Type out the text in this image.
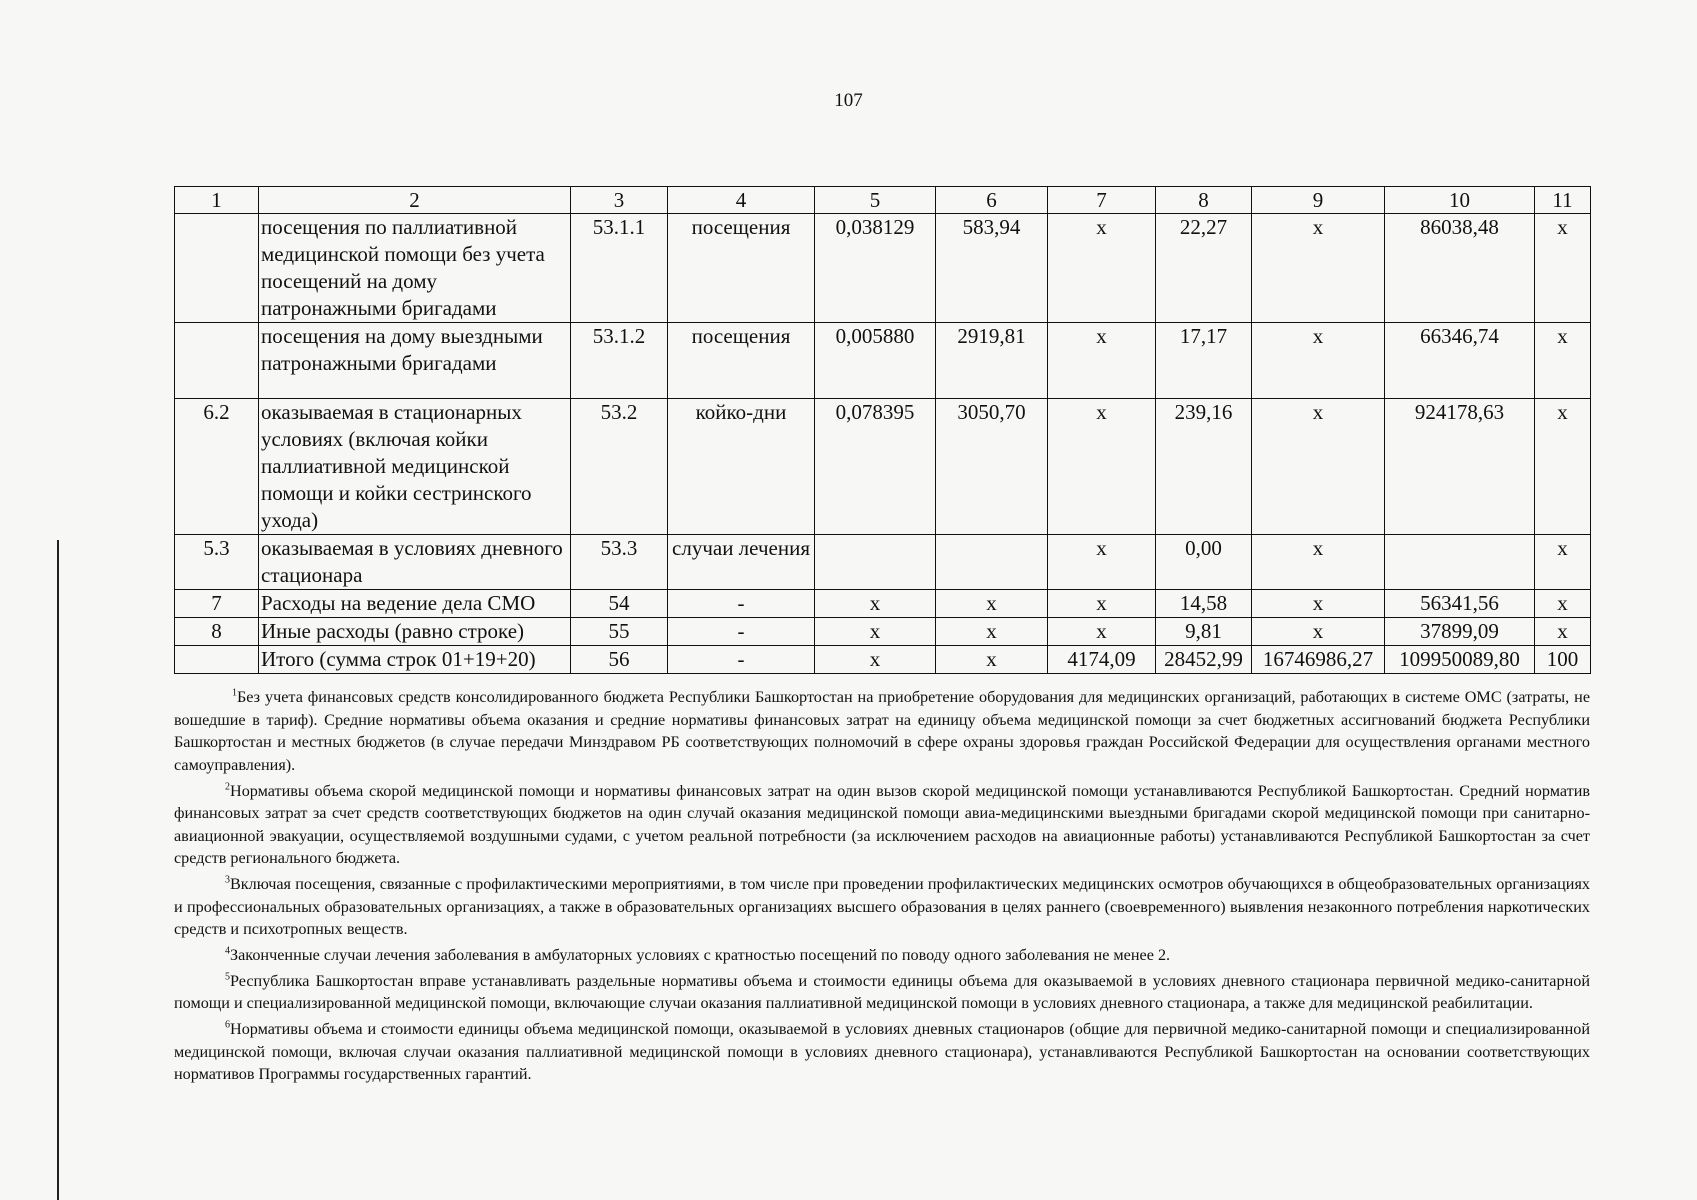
107
1	2	3	4	5	6	7	8	9	10	11
	посещения по паллиативной медицинской помощи без учета посещений на дому патронажными бригадами	53.1.1	посещения	0,038129	583,94	х	22,27	х	86038,48	х
	посещения на дому выездными патронажными бригадами	53.1.2	посещения	0,005880	2919,81	х	17,17	х	66346,74	х
6.2	оказываемая в стационарных условиях (включая койки паллиативной медицинской помощи и койки сестринского ухода)	53.2	койко-дни	0,078395	3050,70	х	239,16	х	924178,63	х
5.3	оказываемая в условиях дневного стационара	53.3	случаи лечения			х	0,00	х		х
7	Расходы на ведение дела СМО	54	-	х	х	х	14,58	х	56341,56	х
8	Иные расходы (равно строке)	55	-	х	х	х	9,81	х	37899,09	х
	Итого (сумма строк 01+19+20)	56	-	х	х	4174,09	28452,99	16746986,27	109950089,80	100

$^1$Без учета финансовых средств консолидированного бюджета Республики Башкортостан на приобретение оборудования для медицинских организаций, работающих в системе ОМС (затраты, не вошедшие в тариф). Средние нормативы объема оказания и средние нормативы финансовых затрат на единицу объема медицинской помощи за счет бюджетных ассигнований бюджета Республики Башкортостан и местных бюджетов (в случае передачи Минздравом РБ соответствующих полномочий в сфере охраны здоровья граждан Российской Федерации для осуществления органами местного самоуправления).

$^2$Нормативы объема скорой медицинской помощи и нормативы финансовых затрат на один вызов скорой медицинской помощи устанавливаются Республикой Башкортостан. Средний норматив финансовых затрат за счет средств соответствующих бюджетов на один случай оказания медицинской помощи авиа-медицинскими выездными бригадами скорой медицинской помощи при санитарно-авиационной эвакуации, осуществляемой воздушными судами, с учетом реальной потребности (за исключением расходов на авиационные работы) устанавливаются Республикой Башкортостан за счет средств регионального бюджета.

$^3$Включая посещения, связанные с профилактическими мероприятиями, в том числе при проведении профилактических медицинских осмотров обучающихся в общеобразовательных организациях и профессиональных образовательных организациях, а также в образовательных организациях высшего образования в целях раннего (своевременного) выявления незаконного потребления наркотических средств и психотропных веществ.

$^4$Законченные случаи лечения заболевания в амбулаторных условиях с кратностью посещений по поводу одного заболевания не менее 2.

$^5$Республика Башкортостан вправе устанавливать раздельные нормативы объема и стоимости единицы объема для оказываемой в условиях дневного стационара первичной медико-санитарной помощи и специализированной медицинской помощи, включающие случаи оказания паллиативной медицинской помощи в условиях дневного стационара, а также для медицинской реабилитации.

$^6$Нормативы объема и стоимости единицы объема медицинской помощи, оказываемой в условиях дневных стационаров (общие для первичной медико-санитарной помощи и специализированной медицинской помощи, включая случаи оказания паллиативной медицинской помощи в условиях дневного стационара), устанавливаются Республикой Башкортостан на основании соответствующих нормативов Программы государственных гарантий.
